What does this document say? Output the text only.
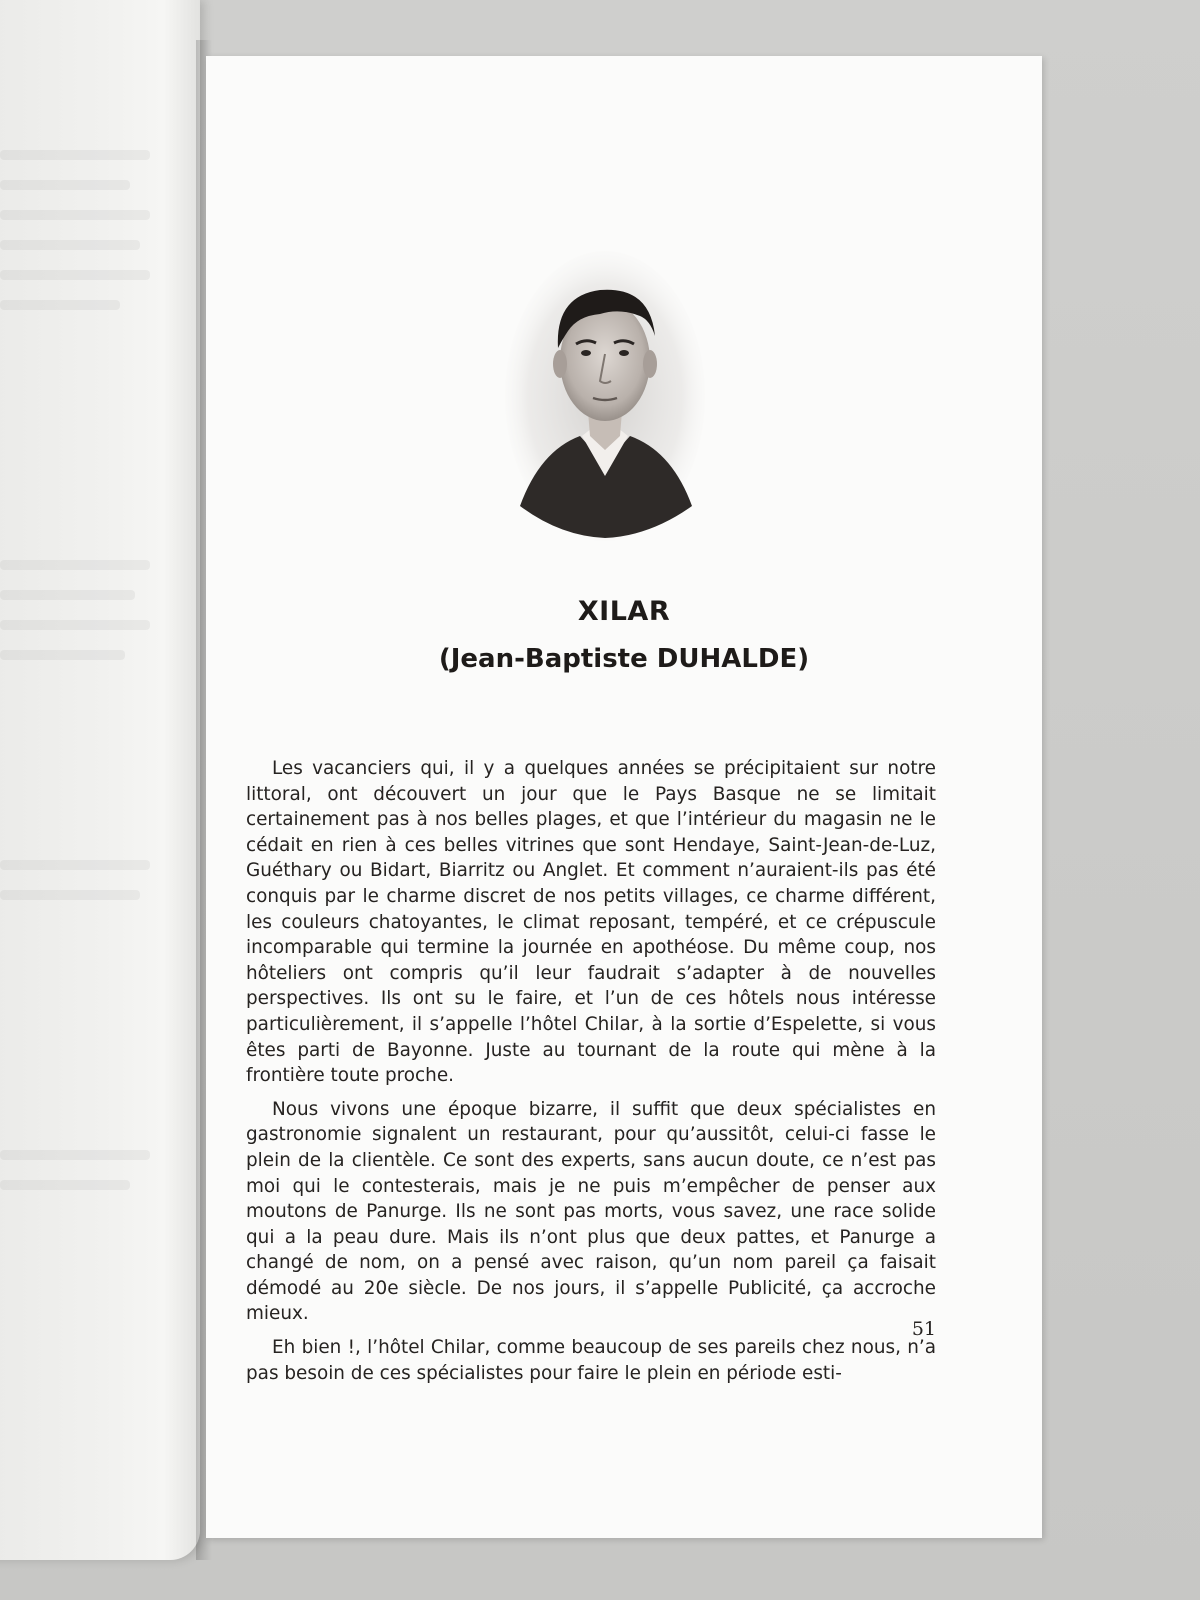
XILAR
(Jean-Baptiste DUHALDE)

Les vacanciers qui, il y a quelques années se précipitaient sur notre littoral, ont découvert un jour que le Pays Basque ne se limitait certainement pas à nos belles plages, et que l’intérieur du magasin ne le cédait en rien à ces belles vitrines que sont Hendaye, Saint-Jean-de-Luz, Guéthary ou Bidart, Biarritz ou Anglet. Et comment n’auraient-ils pas été conquis par le charme discret de nos petits villages, ce charme différent, les couleurs chatoyantes, le climat reposant, tempéré, et ce crépuscule incomparable qui termine la journée en apothéose. Du même coup, nos hôteliers ont compris qu’il leur faudrait s’adapter à de nouvelles perspectives. Ils ont su le faire, et l’un de ces hôtels nous intéresse particulièrement, il s’appelle l’hôtel Chilar, à la sortie d’Espelette, si vous êtes parti de Bayonne. Juste au tournant de la route qui mène à la frontière toute proche.

Nous vivons une époque bizarre, il suffit que deux spécialistes en gastronomie signalent un restaurant, pour qu’aussitôt, celui-ci fasse le plein de la clientèle. Ce sont des experts, sans aucun doute, ce n’est pas moi qui le contesterais, mais je ne puis m’empêcher de penser aux moutons de Panurge. Ils ne sont pas morts, vous savez, une race solide qui a la peau dure. Mais ils n’ont plus que deux pattes, et Panurge a changé de nom, on a pensé avec raison, qu’un nom pareil ça faisait démodé au 20e siècle. De nos jours, il s’appelle Publicité, ça accroche mieux.

Eh bien !, l’hôtel Chilar, comme beaucoup de ses pareils chez nous, n’a pas besoin de ces spécialistes pour faire le plein en période esti-

51
